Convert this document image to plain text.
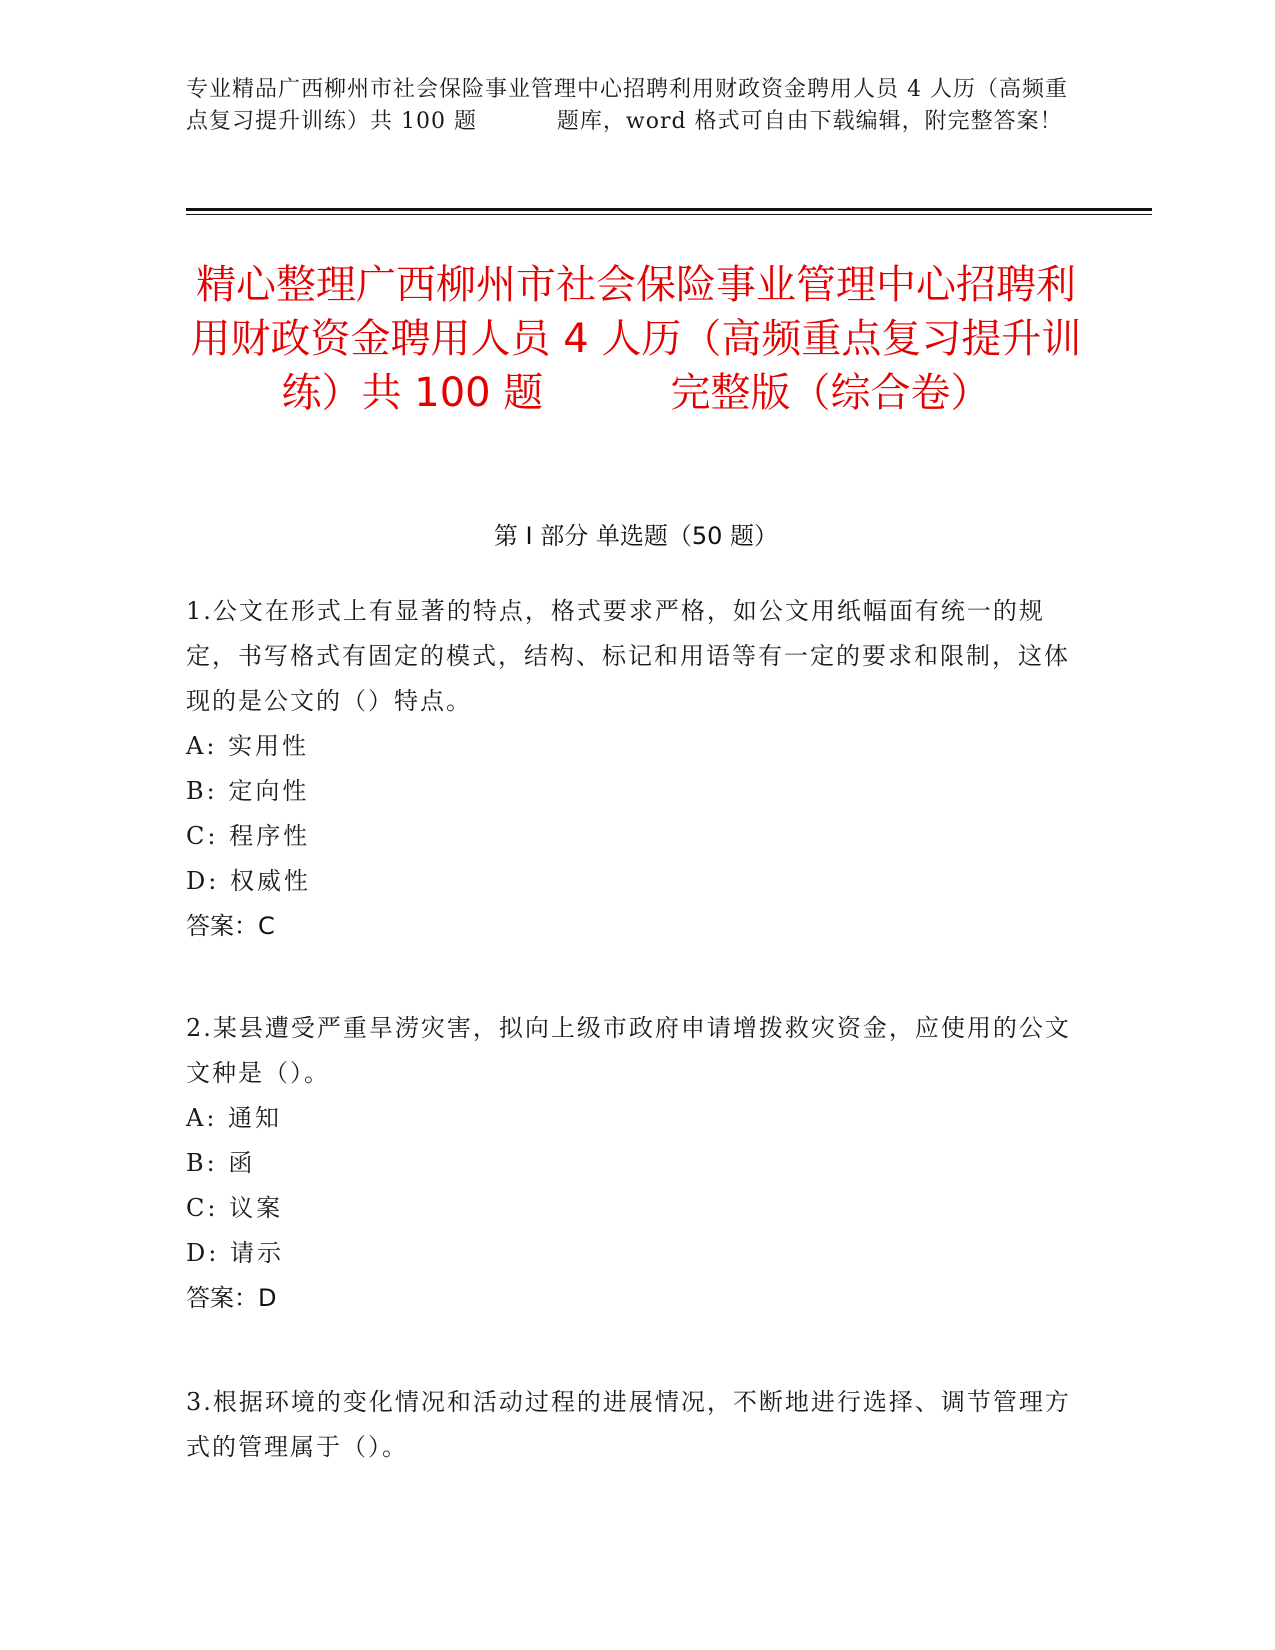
专业精品广西柳州市社会保险事业管理中心招聘利用财政资金聘用人员 4 人历（高频重点复习提升训练）共 100 题          题库，word 格式可自由下载编辑，附完整答案！
精心整理广西柳州市社会保险事业管理中心招聘利用财政资金聘用人员 4 人历（高频重点复习提升训练）共 100 题          完整版（综合卷）
第 I 部分 单选题（50 题）

1.公文在形式上有显著的特点，格式要求严格，如公文用纸幅面有统一的规定，书写格式有固定的模式，结构、标记和用语等有一定的要求和限制，这体现的是公文的（）特点。

A: 实用性

B: 定向性

C: 程序性

D: 权威性

答案：C

2.某县遭受严重旱涝灾害，拟向上级市政府申请增拨救灾资金，应使用的公文文种是（）。

A: 通知

B: 函

C: 议案

D: 请示

答案：D

3.根据环境的变化情况和活动过程的进展情况，不断地进行选择、调节管理方式的管理属于（）。
